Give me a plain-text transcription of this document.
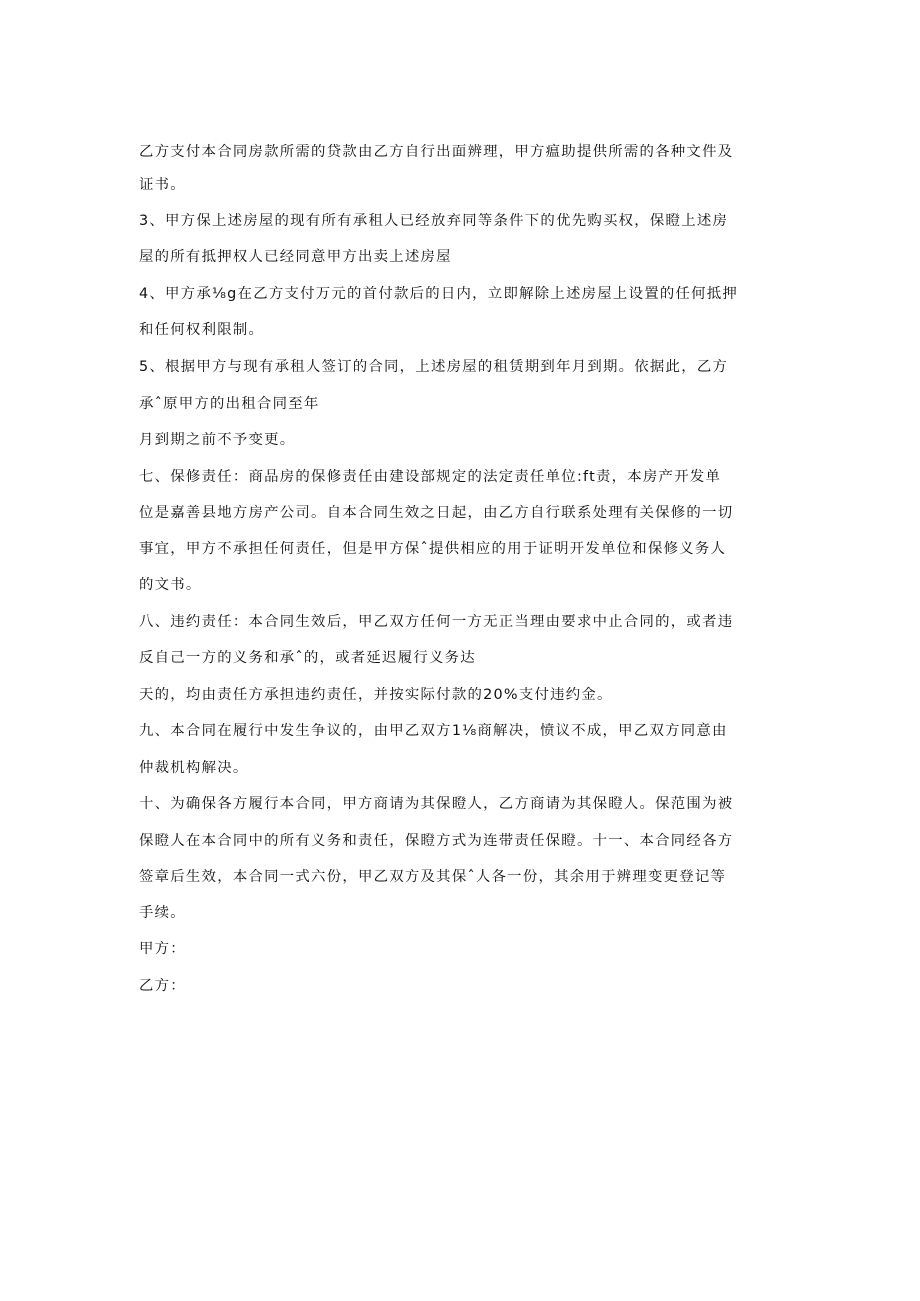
乙方支付本合同房款所需的贷款由乙方自行出面辨理，甲方瘟助提供所需的各种文件及
证书。
3、甲方保上述房屋的现有所有承租人已经放弃同等条件下的优先购买权，保瞪上述房
屋的所有抵押权人已经同意甲方出卖上述房屋
4、甲方承⅛g在乙方支付万元的首付款后的日内，立即解除上述房屋上设置的任何抵押
和任何权利限制。
5、根据甲方与现有承租人签订的合同，上述房屋的租赁期到年月到期。依据此，乙方
承ˆ原甲方的出租合同至年
月到期之前不予变更。
七、保修责任：商品房的保修责任由建设部规定的法定责任单位:ft责，本房产开发单
位是嘉善县地方房产公司。自本合同生效之日起，由乙方自行联系处理有关保修的一切
事宜，甲方不承担任何责任，但是甲方保ˆ提供相应的用于证明开发单位和保修义务人
的文书。
八、违约责任：本合同生效后，甲乙双方任何一方无正当理由要求中止合同的，或者违
反自己一方的义务和承ˆ的，或者延迟履行义务达
天的，均由责任方承担违约责任，并按实际付款的20%支付违约金。
九、本合同在履行中发生争议的，由甲乙双方1⅛商解决，愤议不成，甲乙双方同意由
仲裁机构解决。
十、为确保各方履行本合同，甲方商请为其保瞪人，乙方商请为其保瞪人。保范围为被
保瞪人在本合同中的所有义务和责任，保瞪方式为连带责任保瞪。十一、本合同经各方
签章后生效，本合同一式六份，甲乙双方及其保ˆ人各一份，其余用于辨理变更登记等
手续。
甲方：
乙方：
